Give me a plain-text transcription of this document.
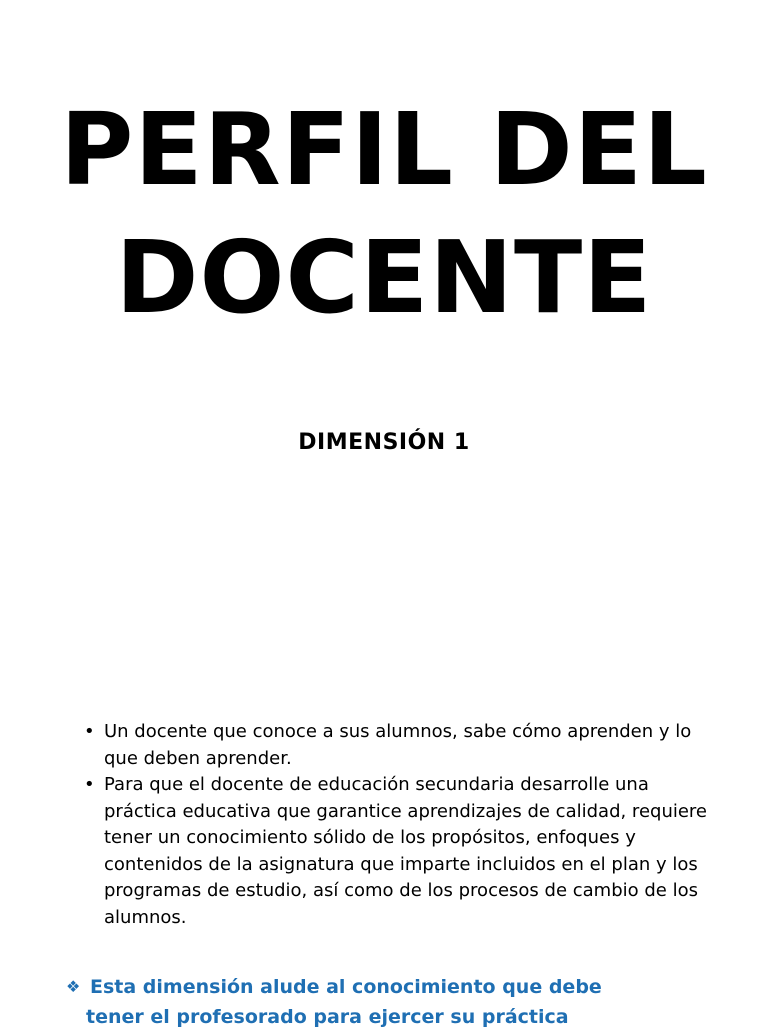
PERFIL DEL
DOCENTE
DIMENSIÓN 1
• Un docente que conoce a sus alumnos, sabe cómo aprenden y lo que deben aprender.
• Para que el docente de educación secundaria desarrolle una práctica educativa que garantice aprendizajes de calidad, requiere tener un conocimiento sólido de los propósitos, enfoques y contenidos de la asignatura que imparte incluidos en el plan y los programas de estudio, así como de los procesos de cambio de los alumnos.

❖ Esta dimensión alude al conocimiento que debe
tener el profesorado para ejercer su práctica
